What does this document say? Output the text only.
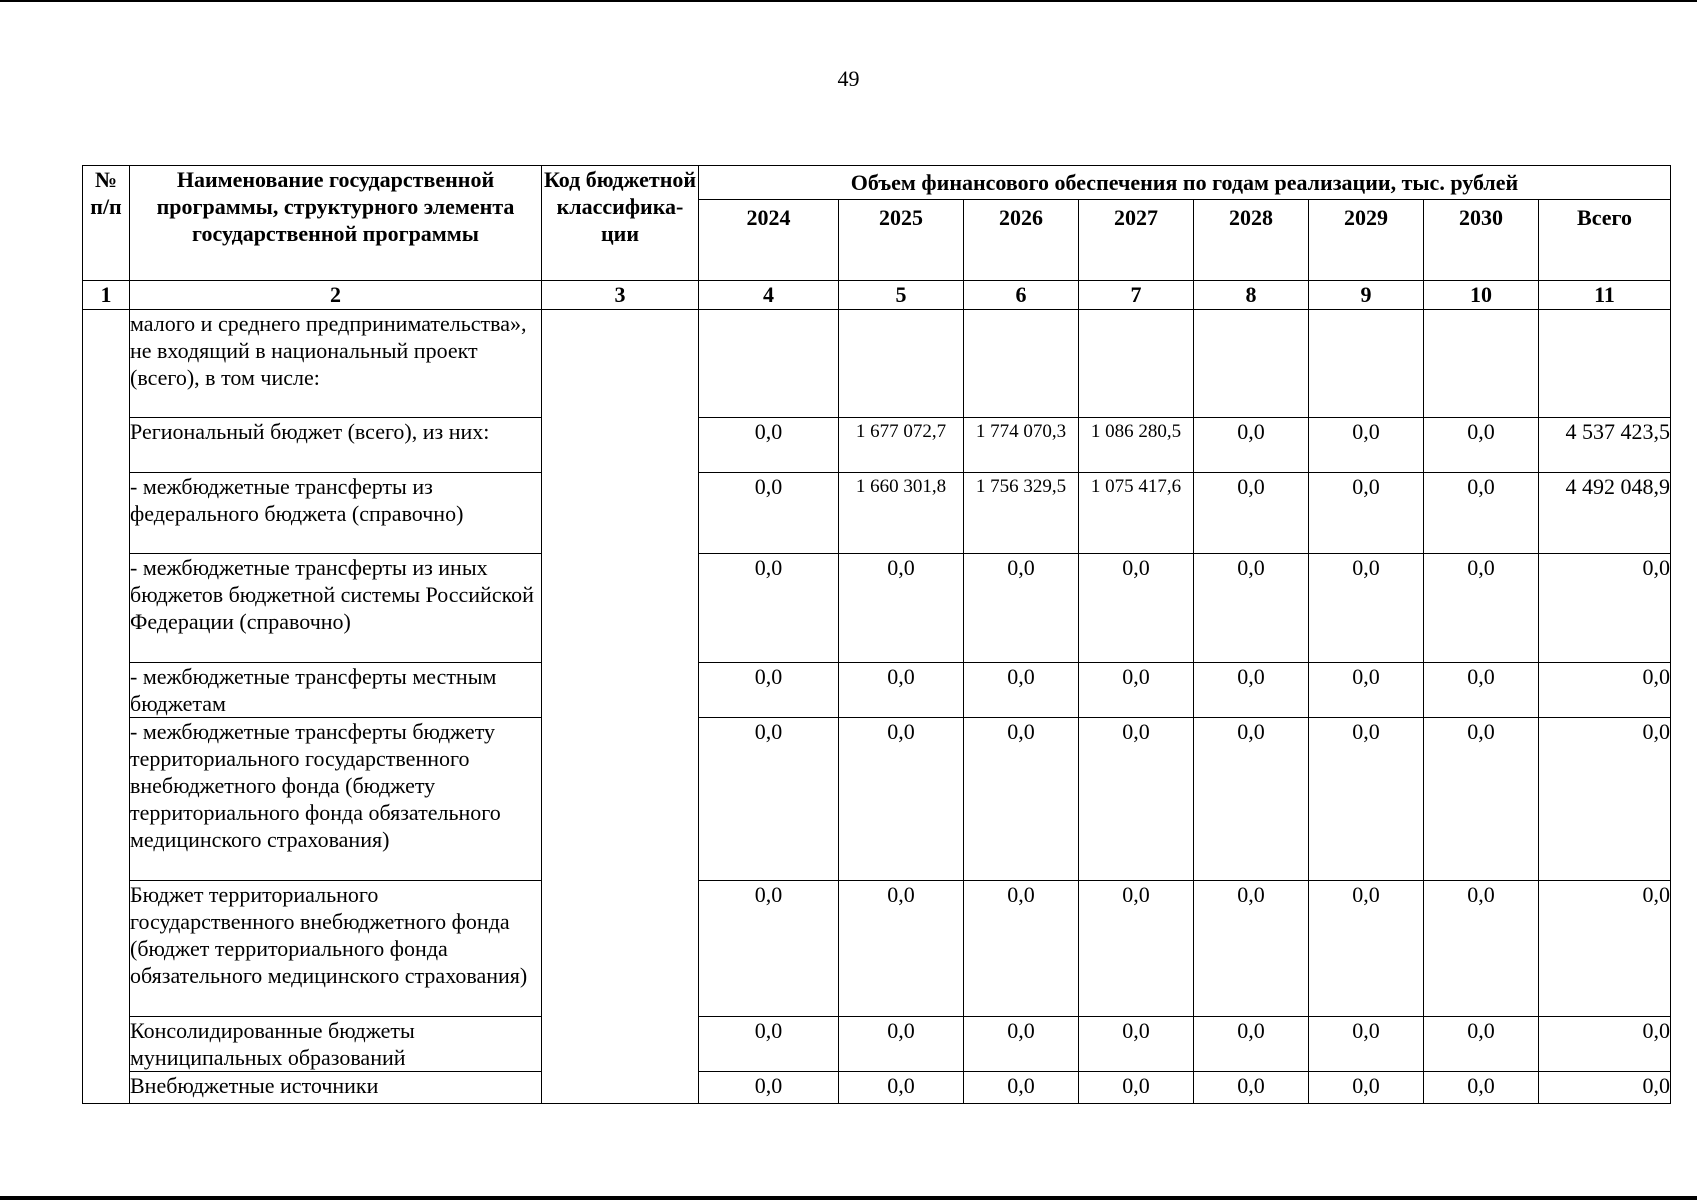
49
№ п/п	Наименование государственной программы, структурного элемента государственной программы	Код бюджетной классифика-ции	Объем финансового обеспечения по годам реализации, тыс. рублей							
			2024	2025	2026	2027	2028	2029	2030	Всего
1	2	3	4	5	6	7	8	9	10	11
	малого и среднего предпринимательства», не входящий в национальный проект (всего), в том числе:									
	Региональный бюджет (всего), из них:		0,0	1 677 072,7	1 774 070,3	1 086 280,5	0,0	0,0	0,0	4 537 423,5
	- межбюджетные трансферты из федерального бюджета (справочно)		0,0	1 660 301,8	1 756 329,5	1 075 417,6	0,0	0,0	0,0	4 492 048,9
	- межбюджетные трансферты из иных бюджетов бюджетной системы Российской Федерации (справочно)		0,0	0,0	0,0	0,0	0,0	0,0	0,0	0,0
	- межбюджетные трансферты местным бюджетам		0,0	0,0	0,0	0,0	0,0	0,0	0,0	0,0
	- межбюджетные трансферты бюджету территориального государственного внебюджетного фонда (бюджету территориального фонда обязательного медицинского страхования)		0,0	0,0	0,0	0,0	0,0	0,0	0,0	0,0
	Бюджет территориального государственного внебюджетного фонда (бюджет территориального фонда обязательного медицинского страхования)		0,0	0,0	0,0	0,0	0,0	0,0	0,0	0,0
	Консолидированные бюджеты муниципальных образований		0,0	0,0	0,0	0,0	0,0	0,0	0,0	0,0
	Внебюджетные источники		0,0	0,0	0,0	0,0	0,0	0,0	0,0	0,0
